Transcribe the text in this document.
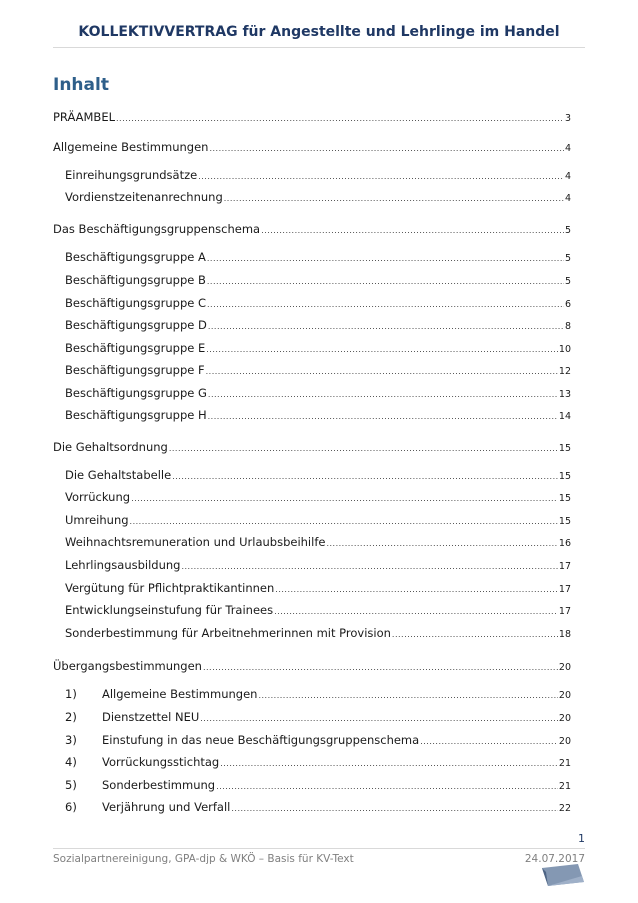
KOLLEKTIVVERTRAG für Angestellte und Lehrlinge im Handel
Inhalt
PRÄAMBEL .....	3
Allgemeine Bestimmungen .....	4
Einreihungsgrundsätze .....	4
Vordienstzeitenanrechnung .....	4
Das Beschäftigungsgruppenschema .....	5
Beschäftigungsgruppe A .....	5
Beschäftigungsgruppe B .....	5
Beschäftigungsgruppe C .....	6
Beschäftigungsgruppe D .....	8
Beschäftigungsgruppe E .....	10
Beschäftigungsgruppe F .....	12
Beschäftigungsgruppe G .....	13
Beschäftigungsgruppe H .....	14
Die Gehaltsordnung .....	15
Die Gehaltstabelle .....	15
Vorrückung .....	15
Umreihung .....	15
Weihnachtsremuneration und Urlaubsbeihilfe .....	16
Lehrlingsausbildung .....	17
Vergütung für Pflichtpraktikantinnen .....	17
Entwicklungseinstufung für Trainees .....	17
Sonderbestimmung für Arbeitnehmerinnen mit Provision .....	18
Übergangsbestimmungen .....	20
1)	Allgemeine Bestimmungen .....	20
2)	Dienstzettel NEU .....	20
3)	Einstufung in das neue Beschäftigungsgruppenschema .....	20
4)	Vorrückungsstichtag .....	21
5)	Sonderbestimmung .....	21
6)	Verjährung und Verfall .....	22
1
Sozialpartnereinigung, GPA-djp & WKÖ – Basis für KV-Text	24.07.2017
